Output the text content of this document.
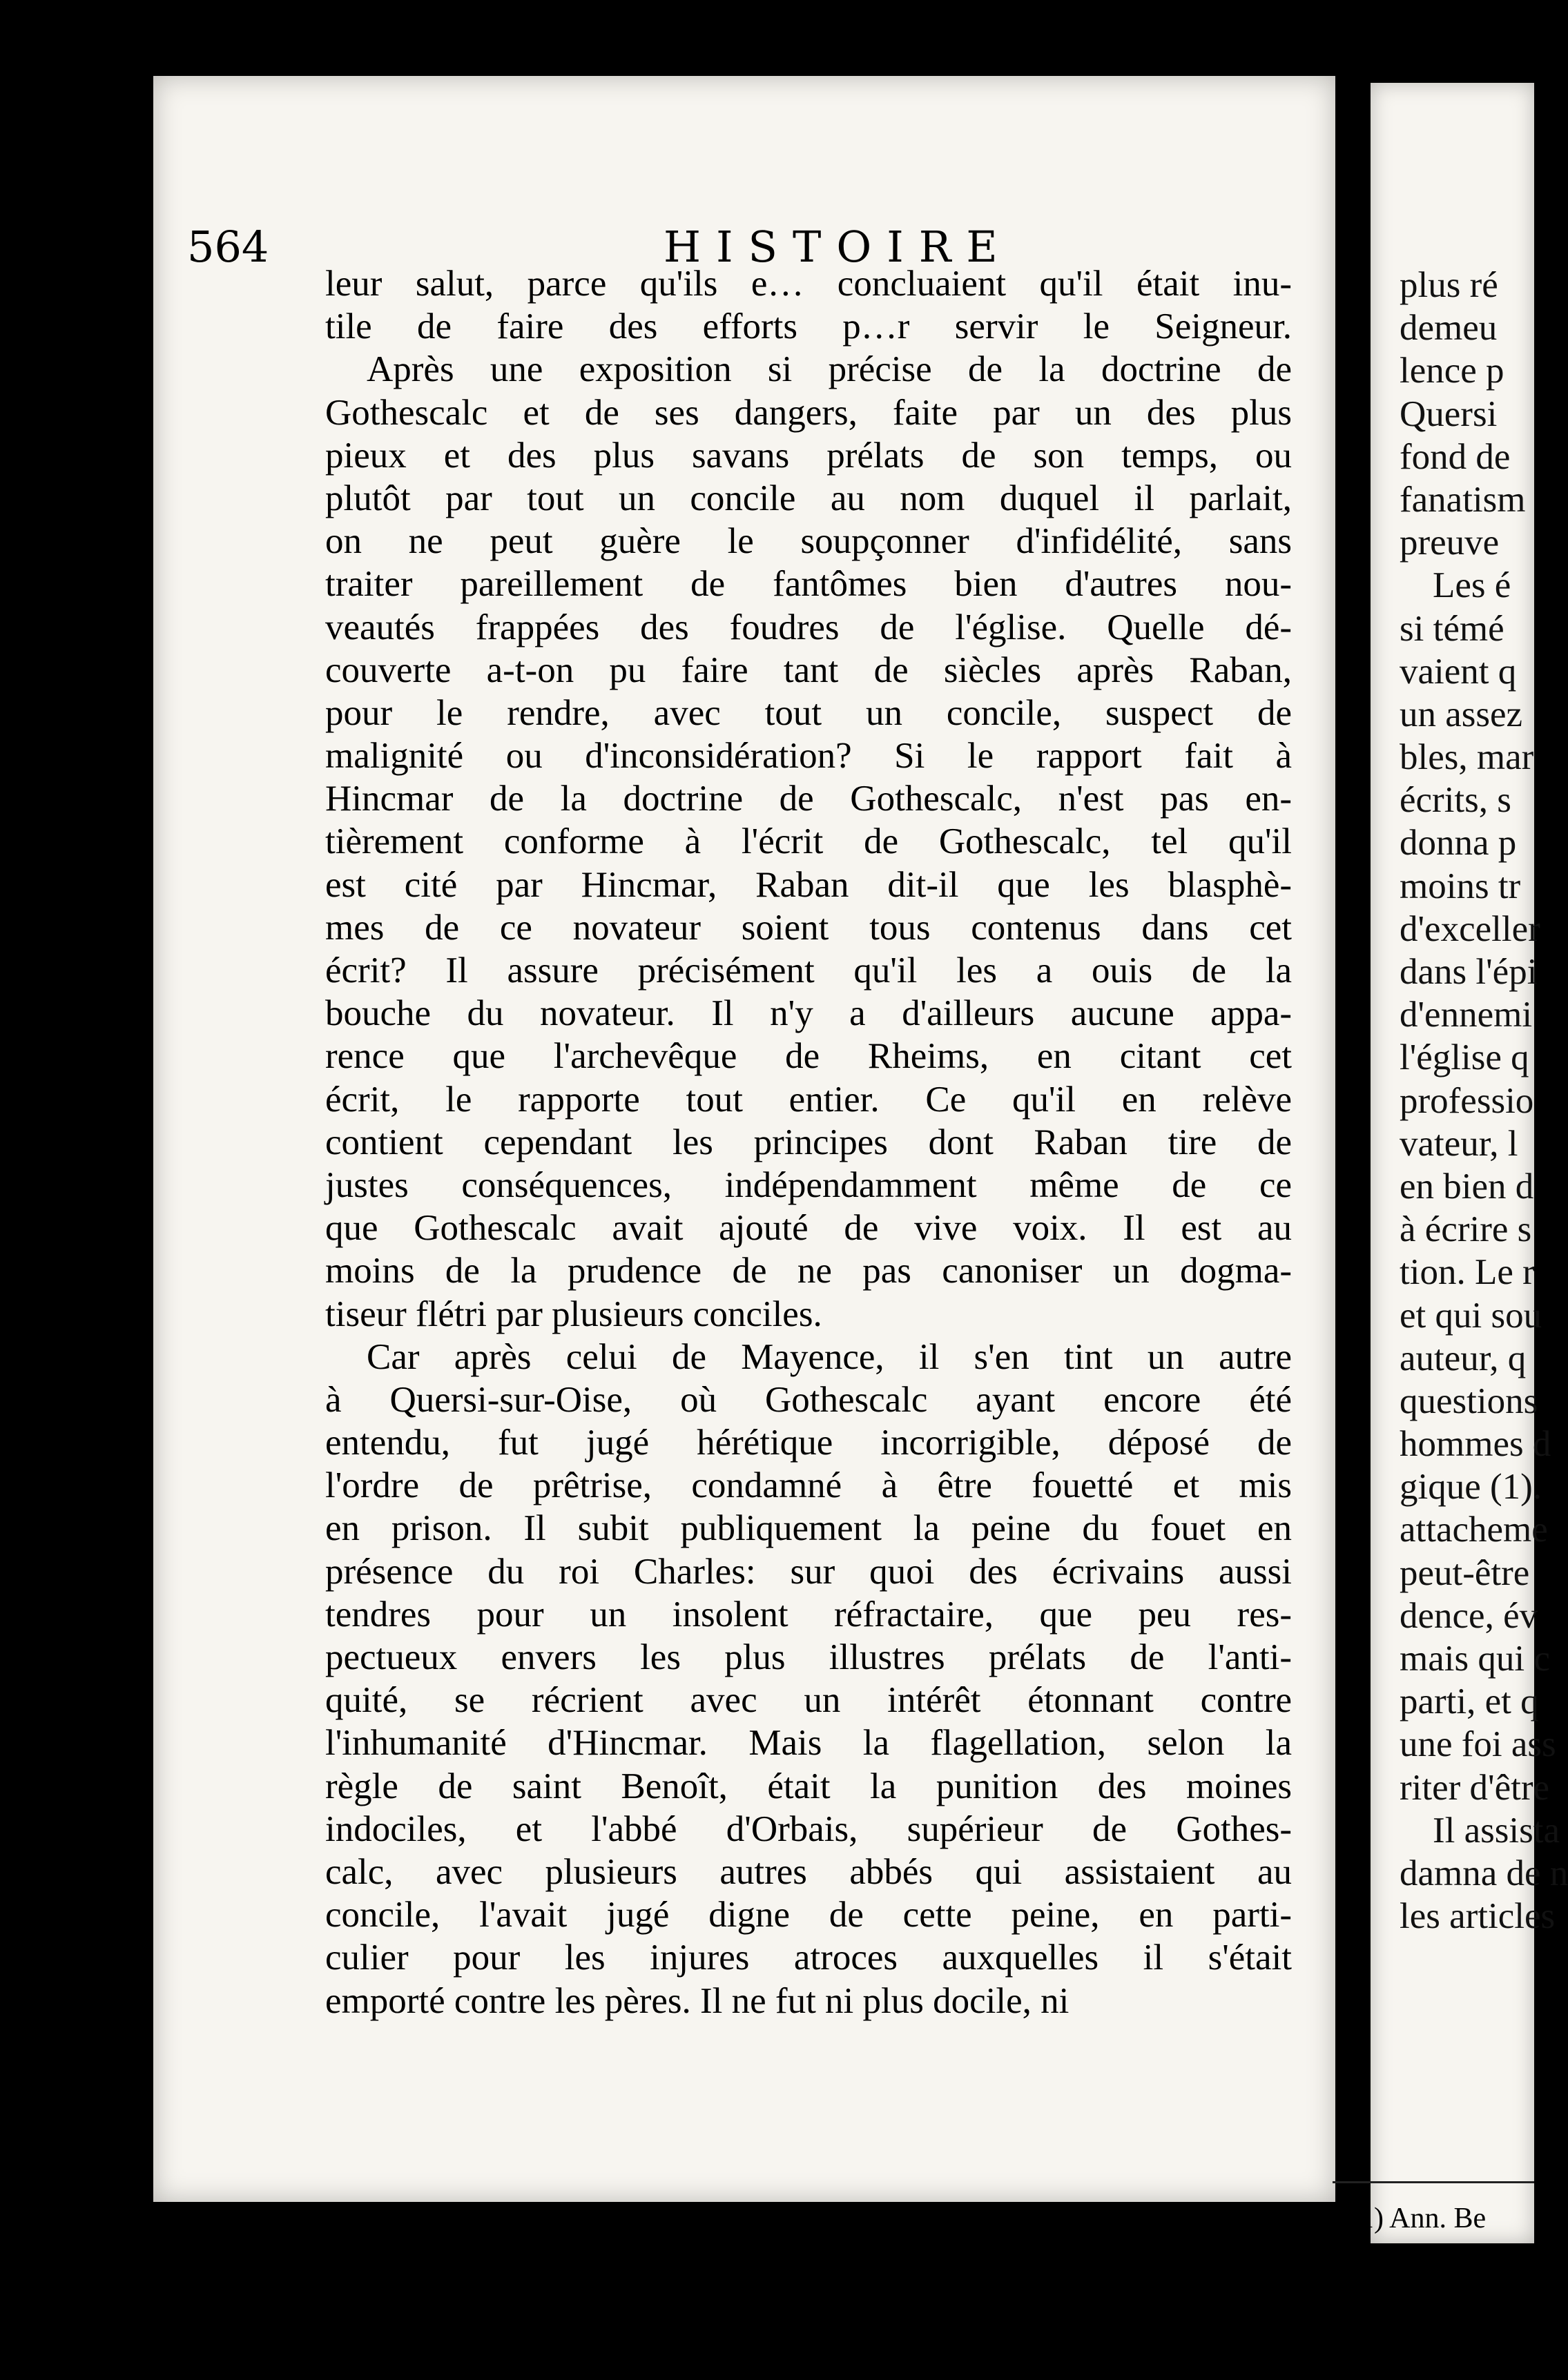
564	HISTOIRE
leur salut, parce qu'ils e… concluaient qu'il était inu-
tile de faire des efforts p…r servir le Seigneur.
Après une exposition si précise de la doctrine de
Gothescalc et de ses dangers, faite par un des plus
pieux et des plus savans prélats de son temps, ou
plutôt par tout un concile au nom duquel il parlait,
on ne peut guère le soupçonner d'infidélité, sans
traiter pareillement de fantômes bien d'autres nou-
veautés frappées des foudres de l'église. Quelle dé-
couverte a-t-on pu faire tant de siècles après Raban,
pour le rendre, avec tout un concile, suspect de
malignité ou d'inconsidération? Si le rapport fait à
Hincmar de la doctrine de Gothescalc, n'est pas en-
tièrement conforme à l'écrit de Gothescalc, tel qu'il
est cité par Hincmar, Raban dit-il que les blasphè-
mes de ce novateur soient tous contenus dans cet
écrit? Il assure précisément qu'il les a ouis de la
bouche du novateur. Il n'y a d'ailleurs aucune appa-
rence que l'archevêque de Rheims, en citant cet
écrit, le rapporte tout entier. Ce qu'il en relève
contient cependant les principes dont Raban tire de
justes conséquences, indépendamment même de ce
que Gothescalc avait ajouté de vive voix. Il est au
moins de la prudence de ne pas canoniser un dogma-
tiseur flétri par plusieurs conciles.
Car après celui de Mayence, il s'en tint un autre
à Quersi-sur-Oise, où Gothescalc ayant encore été
entendu, fut jugé hérétique incorrigible, déposé de
l'ordre de prêtrise, condamné à être fouetté et mis
en prison. Il subit publiquement la peine du fouet en
présence du roi Charles: sur quoi des écrivains aussi
tendres pour un insolent réfractaire, que peu res-
pectueux envers les plus illustres prélats de l'anti-
quité, se récrient avec un intérêt étonnant contre
l'inhumanité d'Hincmar. Mais la flagellation, selon la
règle de saint Benoît, était la punition des moines
indociles, et l'abbé d'Orbais, supérieur de Gothes-
calc, avec plusieurs autres abbés qui assistaient au
concile, l'avait jugé digne de cette peine, en parti-
culier pour les injures atroces auxquelles il s'était
emporté contre les pères. Il ne fut ni plus docile, ni
plus ré
demeu
lence p
Quersi
fond de
fanatism
preuve
Les é
si témé
vaient q
un assez
bles, mar
écrits, s
donna p
moins tr
d'exceller
dans l'épi
d'ennemi
l'église q
professio
vateur, l
en bien d
à écrire s
tion. Le r
et qui sou
auteur, q
questions
hommes d
gique (1).
attacheme
peut-être
dence, év
mais qui c
parti, et q
une foi ass
riter d'être
Il assista
damna de n
les articles
(1) Ann. Be
